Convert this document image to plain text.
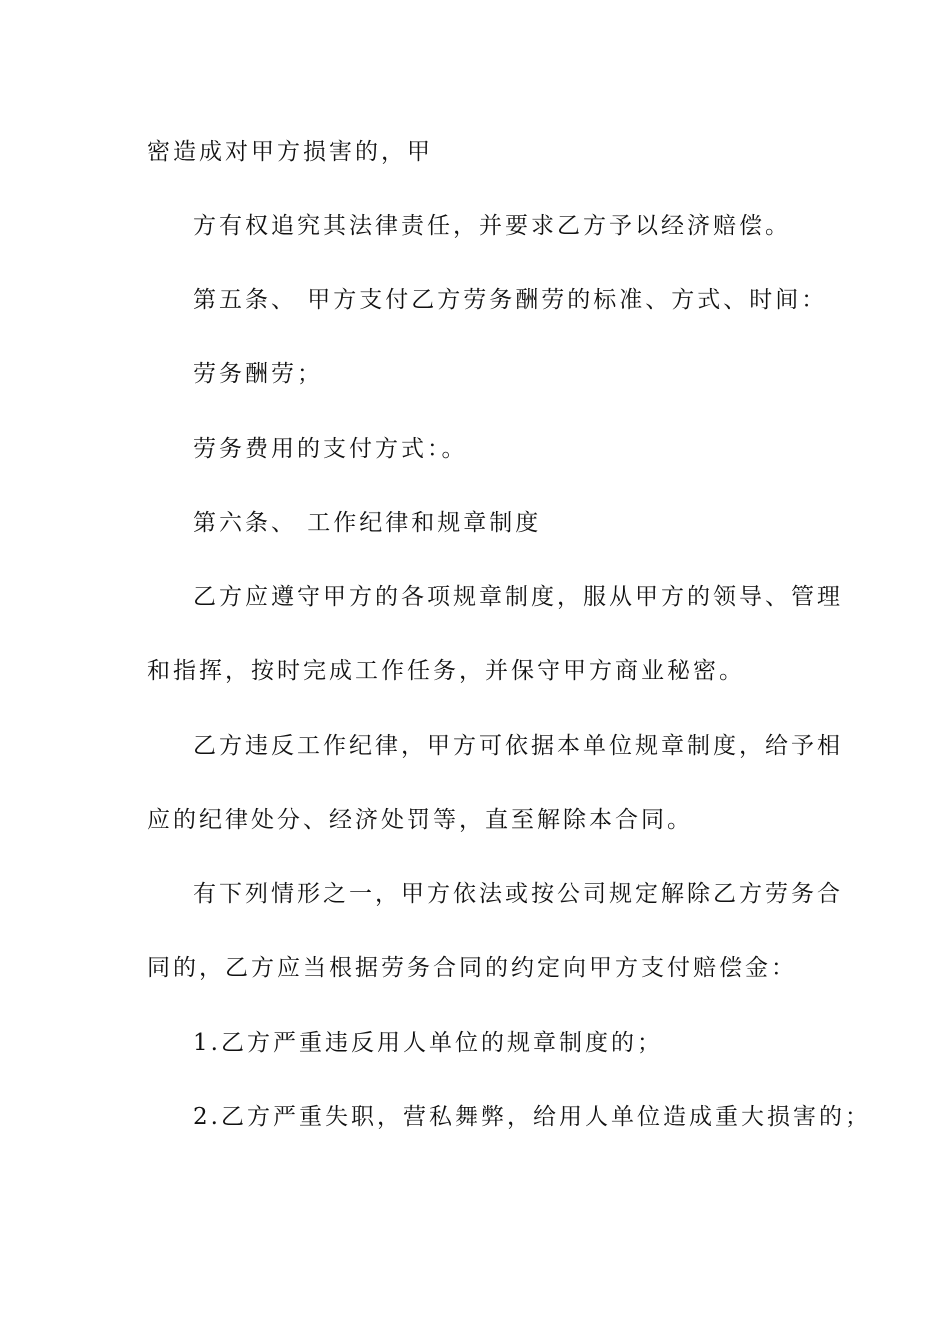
密造成对甲方损害的，甲
方有权追究其法律责任，并要求乙方予以经济赔偿。
第五条、 甲方支付乙方劳务酬劳的标准、方式、时间：
劳务酬劳；
劳务费用的支付方式：。
第六条、 工作纪律和规章制度
乙方应遵守甲方的各项规章制度，服从甲方的领导、管理
和指挥，按时完成工作任务，并保守甲方商业秘密。
乙方违反工作纪律，甲方可依据本单位规章制度，给予相
应的纪律处分、经济处罚等，直至解除本合同。
有下列情形之一，甲方依法或按公司规定解除乙方劳务合
同的，乙方应当根据劳务合同的约定向甲方支付赔偿金：
1.乙方严重违反用人单位的规章制度的；
2.乙方严重失职，营私舞弊，给用人单位造成重大损害的；
